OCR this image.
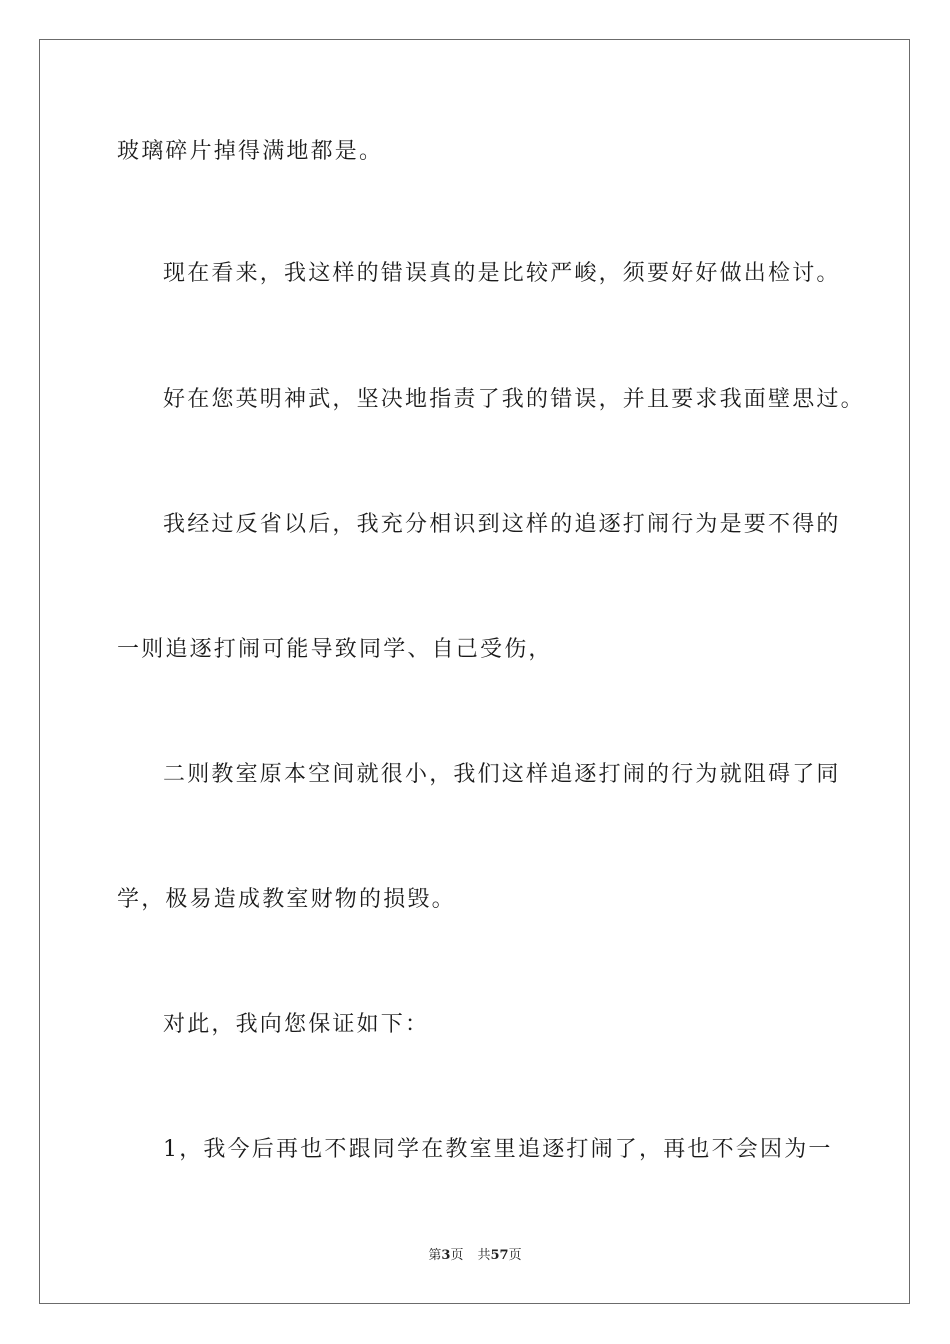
玻璃碎片掉得满地都是。
现在看来，我这样的错误真的是比较严峻，须要好好做出检讨。
好在您英明神武，坚决地指责了我的错误，并且要求我面壁思过。
我经过反省以后，我充分相识到这样的追逐打闹行为是要不得的
一则追逐打闹可能导致同学、自己受伤，
二则教室原本空间就很小，我们这样追逐打闹的行为就阻碍了同
学，极易造成教室财物的损毁。
对此，我向您保证如下：
1，我今后再也不跟同学在教室里追逐打闹了，再也不会因为一
第3页 共57页
